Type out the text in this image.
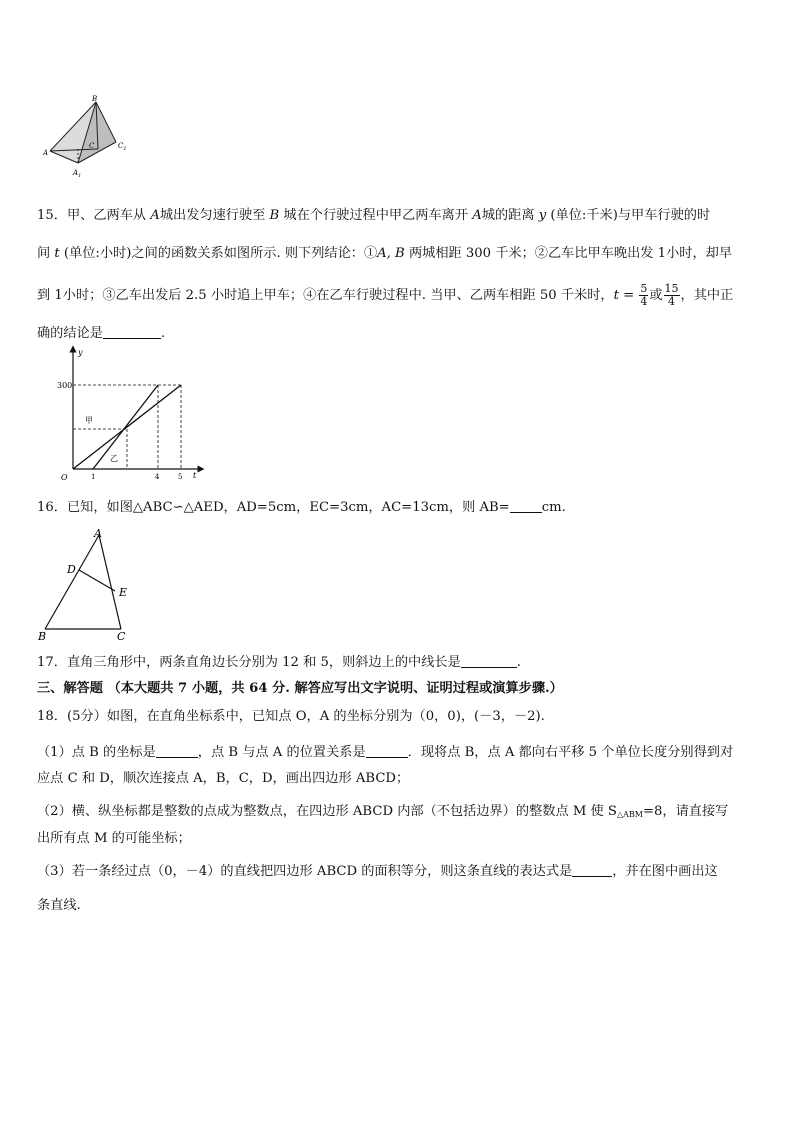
B
C	$C_1$
A
$A_1$
15．甲、乙两车从 A城出发匀速行驶至 B 城在个行驶过程中甲乙两车离开 A城的距离 y (单位:千米)与甲车行驶的时
间 t (单位:小时)之间的函数关系如图所示. 则下列结论：①A, B 两城相距 300 千米；②乙车比甲车晚出发 1小时，却早
到 1小时；③乙车出发后 2.5 小时追上甲车；④在乙车行驶过程中. 当甲、乙两车相距 50 千米时，$t = \frac{5}{4}$ 或 $\frac{15}{4}$ ，其中正
确的结论是	.
y
t
O
300
1	4	5
甲
乙
16．已知，如图△ABC∽△AED，AD=5cm，EC=3cm，AC=13cm，则 AB= cm.
A
D
E
B	C
17．直角三角形中，两条直角边长分别为 12 和 5，则斜边上的中线长是	.
三、解答题 （本大题共 7 小题，共 64 分. 解答应写出文字说明、证明过程或演算步骤.）
18．(5分）如图，在直角坐标系中，已知点 O，A 的坐标分别为（0，0)，(－3，－2).
（1）点 B 的坐标是	，点 B 与点 A 的位置关系是	．现将点 B，点 A 都向右平移 5 个单位长度分别得到对
应点 C 和 D，顺次连接点 A，B，C，D，画出四边形 ABCD；
（2）横、纵坐标都是整数的点成为整数点，在四边形 ABCD 内部（不包括边界）的整数点 M 使 $S_{\triangle ABM}=8$，请直接写
出所有点 M 的可能坐标；
（3）若一条经过点（0，－4）的直线把四边形 ABCD 的面积等分，则这条直线的表达式是	，并在图中画出这
条直线.
